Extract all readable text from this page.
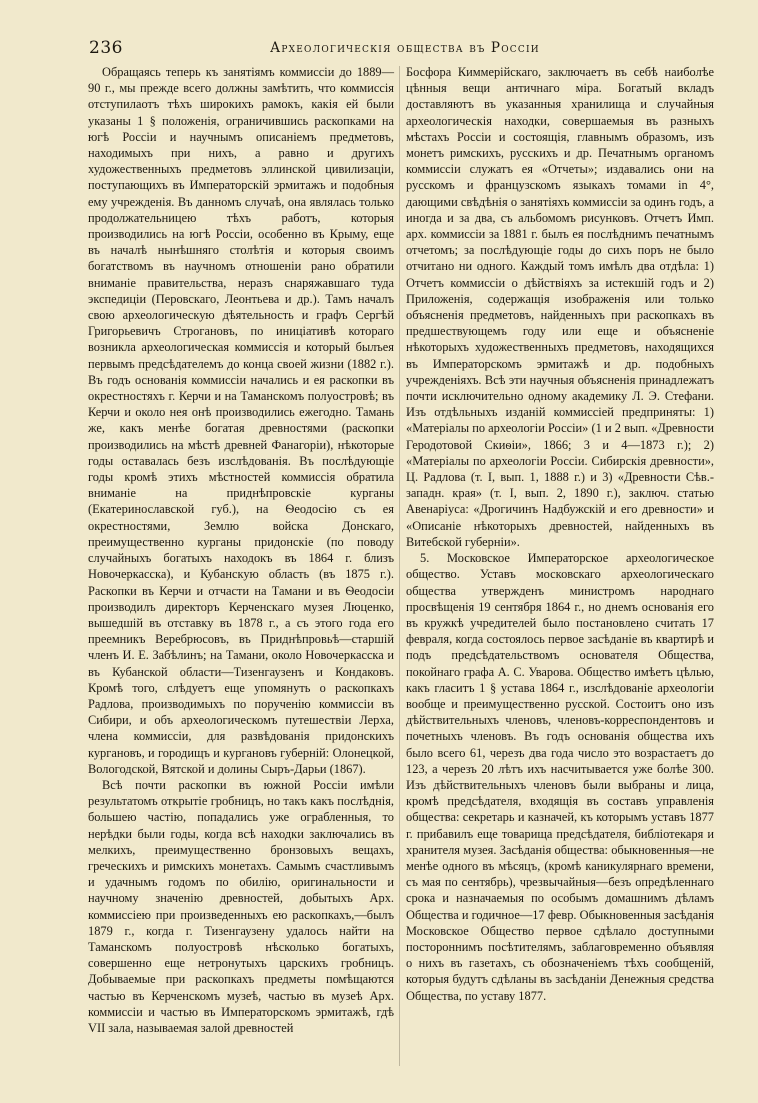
236	Археологическія общества въ Россіи

Обращаясь теперь къ занятіямъ коммиссіи до 1889—90 г., мы прежде всего должны замѣтить, что коммиссія отступилаотъ тѣхъ широкихъ рамокъ, какія ей были указаны 1 § положенія, ограничившись раскопками на югѣ Россіи и научнымъ описаніемъ предметовъ, находимыхъ при нихъ, а равно и другихъ художественныхъ предметовъ эллинской цивилизаціи, поступающихъ въ Императорскій эрмитажъ и подобныя ему учрежденія. Въ данномъ случаѣ, она являлась только продолжательницею тѣхъ работъ, которыя производились на югѣ Россіи, особенно въ Крыму, еще въ началѣ нынѣшняго столѣтія и которыя своимъ богатствомъ въ научномъ отношеніи рано обратили вниманіе правительства, неразъ снаряжавшаго туда экспедиціи (Перовскаго, Леонтьева и др.). Тамъ началъ свою археологическую дѣятельность и графъ Сергѣй Григорьевичъ Строгановъ, по иниціативѣ котораго возникла археологическая коммиссія и который былъея первымъ предсѣдателемъ до конца своей жизни (1882 г.). Въ годъ основанія коммиссіи начались и ея раскопки въ окрестностяхъ г. Керчи и на Таманскомъ полуостровѣ; въ Керчи и около нея онѣ производились ежегодно. Тамань же, какъ менѣе богатая древностями (раскопки производились на мѣстѣ древней Фанагоріи), нѣкоторые годы оставалась безъ изслѣдованія. Въ послѣдующіе годы кромѣ этихъ мѣстностей коммиссія обратила вниманіе на приднѣпровскіе курганы (Екатеринославской губ.), на Ѳеодосію съ ея окрестностями, Землю войска Донскаго, преимущественно курганы придонскіе (по поводу случайныхъ богатыхъ находокъ въ 1864 г. близъ Новочеркасска), и Кубанскую область (въ 1875 г.). Раскопки въ Керчи и отчасти на Тамани и въ Ѳеодосіи производилъ директоръ Керченскаго музея Люценко, вышедшій въ отставку въ 1878 г., а съ этого года его преемникъ Веребрюсовъ, въ Приднѣпровьѣ—старшій членъ И. Е. Забѣлинъ; на Тамани, около Новочеркасска и въ Кубанской области—Тизенгаузенъ и Кондаковъ. Кромѣ того, слѣдуетъ еще упомянуть о раскопкахъ Радлова, производимыхъ по порученію коммиссіи въ Сибири, и объ археологическомъ путешествіи Лерха, члена коммиссіи, для развѣдованія придонскихъ кургановъ, и городищъ и кургановъ губерній: Олонецкой, Вологодской, Вятской и долины Сыръ-Дарьи (1867).

Всѣ почти раскопки въ южной Россіи имѣли результатомъ открытіе гробницъ, но такъ какъ послѣднія, большею частію, попадались уже ограбленныя, то нерѣдки были годы, когда всѣ находки заключались въ мелкихъ, преимущественно бронзовыхъ вещахъ, греческихъ и римскихъ монетахъ. Самымъ счастливымъ и удачнымъ годомъ по обилію, оригинальности и научному значенію древностей, добытыхъ Арх. коммиссіею при произведенныхъ ею раскопкахъ,—былъ 1879 г., когда г. Тизенгаузену удалось найти на Таманскомъ полуостровѣ нѣсколько богатыхъ, совершенно еще нетронутыхъ царскихъ гробницъ. Добываемые при раскопкахъ предметы помѣщаются частью въ Керченскомъ музеѣ, частью въ музеѣ Арх. коммиссіи и частью въ Императорскомъ эрмитажѣ, гдѣ VII зала, называемая залой древностей

Босфора Киммерійскаго, заключаетъ въ себѣ наиболѣе цѣнныя вещи античнаго міра. Богатый вкладъ доставляютъ въ указанныя хранилища и случайныя археологическія находки, совершаемыя въ разныхъ мѣстахъ Россіи и состоящія, главнымъ образомъ, изъ монетъ римскихъ, русскихъ и др. Печатнымъ органомъ коммиссіи служатъ ея «Отчеты»; издавались они на русскомъ и французскомъ языкахъ томами in 4°, дающими свѣдѣнія о занятіяхъ коммиссіи за одинъ годъ, а иногда и за два, съ альбомомъ рисунковъ. Отчетъ Имп. арх. коммиссіи за 1881 г. былъ ея послѣднимъ печатнымъ отчетомъ; за послѣдующіе годы до сихъ поръ не было отчитано ни одного. Каждый томъ имѣлъ два отдѣла: 1) Отчетъ коммиссіи о дѣйствіяхъ за истекшій годъ и 2) Приложенія, содержащія изображенія или только объясненія предметовъ, найденныхъ при раскопкахъ въ предшествующемъ году или еще и объясненіе нѣкоторыхъ художественныхъ предметовъ, находящихся въ Императорскомъ эрмитажѣ и др. подобныхъ учрежденіяхъ. Всѣ эти научныя объясненія принадлежатъ почти исключительно одному академику Л. Э. Стефани. Изъ отдѣльныхъ изданій коммиссіей предприняты: 1) «Матеріалы по археологіи Россіи» (1 и 2 вып. «Древности Геродотовой Скиѳіи», 1866; 3 и 4—1873 г.); 2) «Матеріалы по археологіи Россіи. Сибирскія древности», Ц. Радлова (т. I, вып. 1, 1888 г.) и 3) «Древности Сѣв.-западн. края» (т. I, вып. 2, 1890 г.), заключ. статью Авенаріуса: «Дрогичинъ Надбужскій и его древности» и «Описаніе нѣкоторыхъ древностей, найденныхъ въ Витебской губерніи».

5. Московское Императорское археологическое общество. Уставъ московскаго археологическаго общества утвержденъ министромъ народнаго просвѣщенія 19 сентября 1864 г., но днемъ основанія его въ кружкѣ учредителей было постановлено считать 17 февраля, когда состоялось первое засѣданіе въ квартирѣ и подъ предсѣдательствомъ основателя Общества, покойнаго графа А. С. Уварова. Общество имѣетъ цѣлью, какъ гласитъ 1 § устава 1864 г., изслѣдованіе археологіи вообще и преимущественно русской. Состоитъ оно изъ дѣйствительныхъ членовъ, членовъ-корреспондентовъ и почетныхъ членовъ. Въ годъ основанія общества ихъ было всего 61, черезъ два года число это возрастаетъ до 123, а черезъ 20 лѣтъ ихъ насчитывается уже болѣе 300. Изъ дѣйствительныхъ членовъ были выбраны и лица, кромѣ предсѣдателя, входящія въ составъ управленія общества: секретарь и казначей, къ которымъ уставъ 1877 г. прибавилъ еще товарища предсѣдателя, библіотекаря и хранителя музея. Засѣданія общества: обыкновенныя—не менѣе одного въ мѣсяцъ, (кромѣ каникулярнаго времени, съ мая по сентябрь), чрезвычайныя—безъ опредѣленнаго срока и назначаемыя по особымъ домашнимъ дѣламъ Общества и годичное—17 февр. Обыкновенныя засѣданія Московское Общество первое сдѣлало доступными постороннимъ посѣтителямъ, заблаговременно объявляя о нихъ въ газетахъ, съ обозначеніемъ тѣхъ сообщеній, которыя будутъ сдѣланы въ засѣданіи Денежныя средства Общества, по уставу 1877.
